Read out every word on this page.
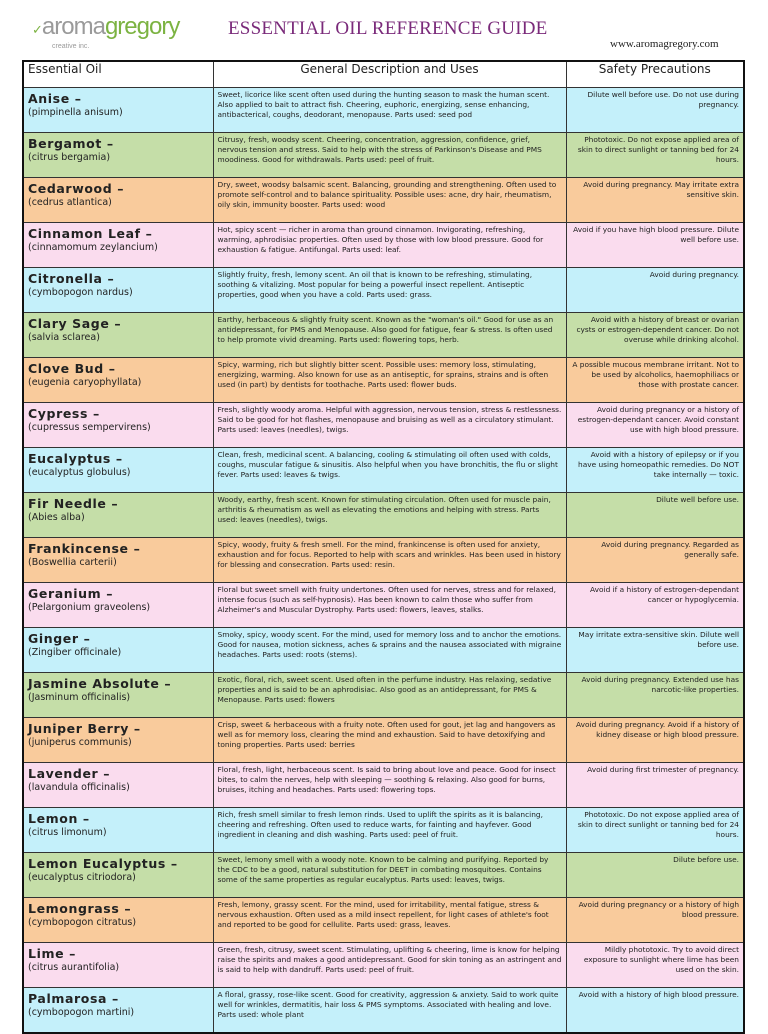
✓aromagregory
creative inc.
ESSENTIAL OIL REFERENCE GUIDE
www.aromagregory.com
Essential Oil	General Description and Uses	Safety Precautions

Anise –
(pimpinella anisum)	Sweet, licorice like scent often used during the hunting season to mask the human scent. Also applied to bait to attract fish. Cheering, euphoric, energizing, sense enhancing, antibacterical, coughs, deodorant, menopause. Parts used: seed pod	Dilute well before use. Do not use during pregnancy.

Bergamot –
(citrus bergamia)	Citrusy, fresh, woodsy scent. Cheering, concentration, aggression, confidence, grief, nervous tension and stress. Said to help with the stress of Parkinson's Disease and PMS moodiness. Good for withdrawals. Parts used: peel of fruit.	Phototoxic. Do not expose applied area of skin to direct sunlight or tanning bed for 24 hours.

Cedarwood –
(cedrus atlantica)	Dry, sweet, woodsy balsamic scent. Balancing, grounding and strengthening. Often used to promote self-control and to balance spirituality. Possible uses: acne, dry hair, rheumatism, oily skin, immunity booster. Parts used: wood	Avoid during pregnancy. May irritate extra sensitive skin.

Cinnamon Leaf –
(cinnamomum zeylancium)	Hot, spicy scent — richer in aroma than ground cinnamon. Invigorating, refreshing, warming, aphrodisiac properties. Often used by those with low blood pressure. Good for exhaustion & fatigue. Antifungal. Parts used: leaf.	Avoid if you have high blood pressure. Dilute well before use.

Citronella –
(cymbopogon nardus)	Slightly fruity, fresh, lemony scent. An oil that is known to be refreshing, stimulating, soothing & vitalizing. Most popular for being a powerful insect repellent. Antiseptic properties, good when you have a cold. Parts used: grass.	Avoid during pregnancy.

Clary Sage –
(salvia sclarea)	Earthy, herbaceous & slightly fruity scent. Known as the "woman's oil." Good for use as an antidepressant, for PMS and Menopause. Also good for fatigue, fear & stress. Is often used to help promote vivid dreaming. Parts used: flowering tops, herb.	Avoid with a history of breast or ovarian cysts or estrogen-dependent cancer. Do not overuse while drinking alcohol.

Clove Bud –
(eugenia caryophyllata)	Spicy, warming, rich but slightly bitter scent. Possible uses: memory loss, stimulating, energizing, warming. Also known for use as an antiseptic, for sprains, strains and is often used (in part) by dentists for toothache. Parts used: flower buds.	A possible mucous membrane irritant. Not to be used by alcoholics, haemophiliacs or those with prostate cancer.

Cypress –
(cupressus sempervirens)	Fresh, slightly woody aroma. Helpful with aggression, nervous tension, stress & restlessness. Said to be good for hot flashes, menopause and bruising as well as a circulatory stimulant. Parts used: leaves (needles), twigs.	Avoid during pregnancy or a history of estrogen-dependant cancer. Avoid constant use with high blood pressure.

Eucalyptus –
(eucalyptus globulus)	Clean, fresh, medicinal scent. A balancing, cooling & stimulating oil often used with colds, coughs, muscular fatigue & sinusitis. Also helpful when you have bronchitis, the flu or slight fever. Parts used: leaves & twigs.	Avoid with a history of epilepsy or if you have using homeopathic remedies. Do NOT take internally — toxic.

Fir Needle –
(Abies alba)	Woody, earthy, fresh scent. Known for stimulating circulation. Often used for muscle pain, arthritis & rheumatism as well as elevating the emotions and helping with stress. Parts used: leaves (needles), twigs.	Dilute well before use.

Frankincense –
(Boswellia carterii)	Spicy, woody, fruity & fresh smell. For the mind, frankincense is often used for anxiety, exhaustion and for focus. Reported to help with scars and wrinkles. Has been used in history for blessing and consecration. Parts used: resin.	Avoid during pregnancy. Regarded as generally safe.

Geranium –
(Pelargonium graveolens)	Floral but sweet smell with fruity undertones. Often used for nerves, stress and for relaxed, intense focus (such as self-hypnosis). Has been known to calm those who suffer from Alzheimer's and Muscular Dystrophy. Parts used: flowers, leaves, stalks.	Avoid if a history of estrogen-dependant cancer or hypoglycemia.

Ginger –
(Zingiber officinale)	Smoky, spicy, woody scent. For the mind, used for memory loss and to anchor the emotions. Good for nausea, motion sickness, aches & sprains and the nausea associated with migraine headaches. Parts used: roots (stems).	May irritate extra-sensitive skin. Dilute well before use.

Jasmine Absolute –
(Jasminum officinalis)	Exotic, floral, rich, sweet scent. Used often in the perfume industry. Has relaxing, sedative properties and is said to be an aphrodisiac. Also good as an antidepressant, for PMS & Menopause. Parts used: flowers	Avoid during pregnancy. Extended use has narcotic-like properties.

Juniper Berry –
(juniperus communis)	Crisp, sweet & herbaceous with a fruity note. Often used for gout, jet lag and hangovers as well as for memory loss, clearing the mind and exhaustion. Said to have detoxifying and toning properties. Parts used: berries	Avoid during pregnancy. Avoid if a history of kidney disease or high blood pressure.

Lavender –
(lavandula officinalis)	Floral, fresh, light, herbaceous scent. Is said to bring about love and peace. Good for insect bites, to calm the nerves, help with sleeping — soothing & relaxing. Also good for burns, bruises, itching and headaches. Parts used: flowering tops.	Avoid during first trimester of pregnancy.

Lemon –
(citrus limonum)	Rich, fresh smell similar to fresh lemon rinds. Used to uplift the spirits as it is balancing, cheering and refreshing. Often used to reduce warts, for fainting and hayfever. Good ingredient in cleaning and dish washing. Parts used: peel of fruit.	Phototoxic. Do not expose applied area of skin to direct sunlight or tanning bed for 24 hours.

Lemon Eucalyptus –
(eucalyptus citriodora)	Sweet, lemony smell with a woody note. Known to be calming and purifying. Reported by the CDC to be a good, natural substitution for DEET in combating mosquitoes. Contains some of the same properties as regular eucalyptus. Parts used: leaves, twigs.	Dilute before use.

Lemongrass –
(cymbopogon citratus)	Fresh, lemony, grassy scent. For the mind, used for irritability, mental fatigue, stress & nervous exhaustion. Often used as a mild insect repellent, for light cases of athlete's foot and reported to be good for cellulite. Parts used: grass, leaves.	Avoid during pregnancy or a history of high blood pressure.

Lime –
(citrus aurantifolia)	Green, fresh, citrusy, sweet scent. Stimulating, uplifting & cheering, lime is know for helping raise the spirits and makes a good antidepressant. Good for skin toning as an astringent and is said to help with dandruff. Parts used: peel of fruit.	Mildly phototoxic. Try to avoid direct exposure to sunlight where lime has been used on the skin.

Palmarosa –
(cymbopogon martini)	A floral, grassy, rose-like scent. Good for creativity, aggression & anxiety. Said to work quite well for wrinkles, dermatitis, hair loss & PMS symptoms. Associated with healing and love. Parts used: whole plant	Avoid with a history of high blood pressure.
